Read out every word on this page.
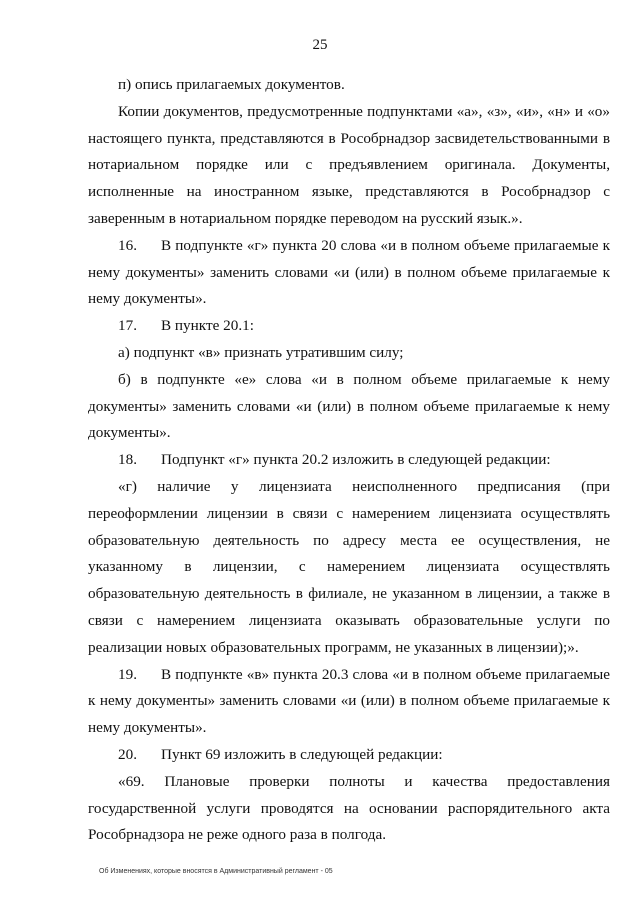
25

п) опись прилагаемых документов.

Копии документов, предусмотренные подпунктами «а», «з», «и», «н» и «о» настоящего пункта, представляются в Рособрнадзор засвидетельствованными в нотариальном порядке или с предъявлением оригинала. Документы, исполненные на иностранном языке, представляются в Рособрнадзор с заверенным в нотариальном порядке переводом на русский язык.».

16. В подпункте «г» пункта 20 слова «и в полном объеме прилагаемые к нему документы» заменить словами «и (или) в полном объеме прилагаемые к нему документы».

17. В пункте 20.1:

а) подпункт «в» признать утратившим силу;

б) в подпункте «е» слова «и в полном объеме прилагаемые к нему документы» заменить словами «и (или) в полном объеме прилагаемые к нему документы».

18. Подпункт «г» пункта 20.2 изложить в следующей редакции:

«г) наличие у лицензиата неисполненного предписания (при переоформлении лицензии в связи с намерением лицензиата осуществлять образовательную деятельность по адресу места ее осуществления, не указанному в лицензии, с намерением лицензиата осуществлять образовательную деятельность в филиале, не указанном в лицензии, а также в связи с намерением лицензиата оказывать образовательные услуги по реализации новых образовательных программ, не указанных в лицензии);».

19. В подпункте «в» пункта 20.3 слова «и в полном объеме прилагаемые к нему документы» заменить словами «и (или) в полном объеме прилагаемые к нему документы».

20. Пункт 69 изложить в следующей редакции:

«69. Плановые проверки полноты и качества предоставления государственной услуги проводятся на основании распорядительного акта Рособрнадзора не реже одного раза в полгода.

Об Изменениях, которые вносятся в Административный регламент - 05
